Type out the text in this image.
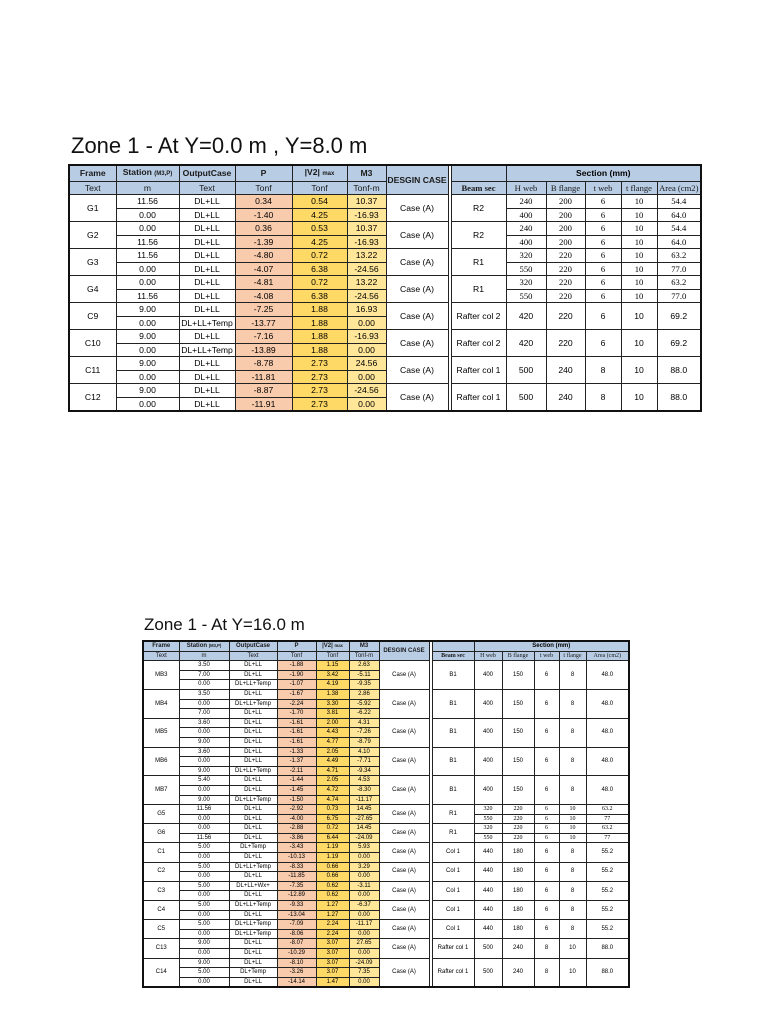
Zone 1 - At Y=0.0 m , Y=8.0 m
Frame	Station (M3,P)	OutputCase	P	|V2| max	M3	DESGIN CASE			Section (mm)				
Text	m	Text	Tonf	Tonf	Tonf-m			Beam sec	H web	B flange	t web	t flange	Area (cm2)
G1	11.56	DL+LL	0.34	0.54	10.37	Case (A)		R2	240	200	6	10	54.4
	0.00	DL+LL	-1.40	4.25	-16.93				400	200	6	10	64.0
G2	0.00	DL+LL	0.36	0.53	10.37	Case (A)		R2	240	200	6	10	54.4
	11.56	DL+LL	-1.39	4.25	-16.93				400	200	6	10	64.0
G3	11.56	DL+LL	-4.80	0.72	13.22	Case (A)		R1	320	220	6	10	63.2
	0.00	DL+LL	-4.07	6.38	-24.56				550	220	6	10	77.0
G4	0.00	DL+LL	-4.81	0.72	13.22	Case (A)		R1	320	220	6	10	63.2
	11.56	DL+LL	-4.08	6.38	-24.56				550	220	6	10	77.0
C9	9.00	DL+LL	-7.25	1.88	16.93	Case (A)		Rafter col 2	420	220	6	10	69.2
	0.00	DL+LL+Temp	-13.77	1.88	0.00								
C10	9.00	DL+LL	-7.16	1.88	-16.93	Case (A)		Rafter col 2	420	220	6	10	69.2
	0.00	DL+LL+Temp	-13.89	1.88	0.00								
C11	9.00	DL+LL	-8.78	2.73	24.56	Case (A)		Rafter col 1	500	240	8	10	88.0
	0.00	DL+LL	-11.81	2.73	0.00								
C12	9.00	DL+LL	-8.87	2.73	-24.56	Case (A)		Rafter col 1	500	240	8	10	88.0
	0.00	DL+LL	-11.91	2.73	0.00								
Zone 1 - At Y=16.0 m
Frame	Station (M3,P)	OutputCase	P	|V2| max	M3	DESGIN CASE			Section (mm)				
Text	m	Text	Tonf	Tonf	Tonf-m			Beam sec	H web	B flange	t web	t flange	Area (cm2)
MB3	3.50	DL+LL	-1.88	1.15	2.63	Case (A)		B1	400	150	6	8	48.0
	7.00	DL+LL	-1.90	3.42	-5.11								
	0.00	DL+LL+Temp	-1.07	4.19	-9.35								
MB4	3.50	DL+LL	-1.67	1.38	2.86	Case (A)		B1	400	150	6	8	48.0
	0.00	DL+LL+Temp	-2.24	3.30	-5.92								
	7.00	DL+LL	-1.70	3.81	-6.22								
MB5	3.60	DL+LL	-1.61	2.00	4.31	Case (A)		B1	400	150	6	8	48.0
	0.00	DL+LL	-1.61	4.43	-7.26								
	9.00	DL+LL	-1.61	4.77	-8.79								
MB6	3.60	DL+LL	-1.33	2.05	4.10	Case (A)		B1	400	150	6	8	48.0
	0.00	DL+LL	-1.37	4.49	-7.71								
	9.00	DL+LL+Temp	-2.11	4.71	-9.34								
MB7	5.40	DL+LL	-1.44	2.05	4.53	Case (A)		B1	400	150	6	8	48.0
	0.00	DL+LL	-1.45	4.72	-8.30								
	9.00	DL+LL+Temp	-1.50	4.74	-11.17								
G5	11.56	DL+LL	-2.92	0.73	14.45	Case (A)		R1	320	220	6	10	63.2
	0.00	DL+LL	-4.00	6.75	-27.65				550	220	6	10	77
G6	0.00	DL+LL	-2.88	0.72	14.45	Case (A)		R1	320	220	6	10	63.2
	11.56	DL+LL	-3.86	6.44	-24.09				550	220	6	10	77
C1	5.00	DL+Temp	-3.43	1.19	5.93	Case (A)		Col 1	440	180	6	8	55.2
	0.00	DL+LL	-10.13	1.19	0.00								
C2	5.00	DL+LL+Temp	-8.33	0.66	3.29	Case (A)		Col 1	440	180	6	8	55.2
	0.00	DL+LL	-11.85	0.66	0.00								
C3	5.00	DL+LL+Wx+	-7.35	0.62	-3.11	Case (A)		Col 1	440	180	6	8	55.2
	0.00	DL+LL	-12.89	0.62	0.00								
C4	5.00	DL+LL+Temp	-9.33	1.27	-6.37	Case (A)		Col 1	440	180	6	8	55.2
	0.00	DL+LL	-13.04	1.27	0.00								
C5	5.00	DL+LL+Temp	-7.09	2.24	-11.17	Case (A)		Col 1	440	180	6	8	55.2
	0.00	DL+LL+Temp	-8.06	2.24	0.00								
C13	9.00	DL+LL	-8.07	3.07	27.65	Case (A)		Rafter col 1	500	240	8	10	88.0
	0.00	DL+LL	-10.29	3.07	0.00								
C14	9.00	DL+LL	-8.10	3.07	-24.09	Case (A)		Rafter col 1	500	240	8	10	88.0
	5.00	DL+Temp	-3.26	3.07	7.35								
	0.00	DL+LL	-14.14	1.47	0.00								
